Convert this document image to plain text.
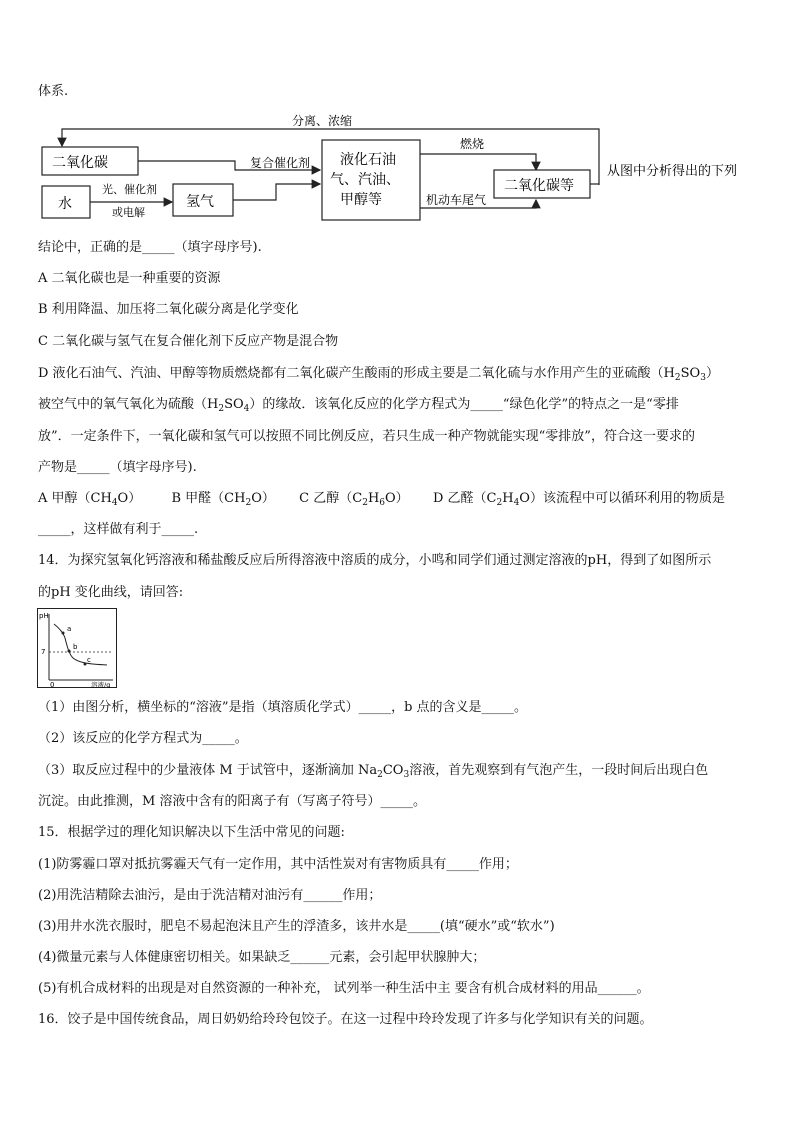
体系.
分离、浓缩
二氧化碳
水
光、催化剂
或电解
氢气
复合催化剂 液化石油
气、汽油、
甲醇等
燃烧
机动车尾气
二氧化碳等
从图中分析得出的下列
结论中，正确的是_____（填字母序号).
A 二氧化碳也是一种重要的资源
B 利用降温、加压将二氧化碳分离是化学变化
C 二氧化碳与氢气在复合催化剂下反应产物是混合物
D 液化石油气、汽油、甲醇等物质燃烧都有二氧化碳产生酸雨的形成主要是二氧化硫与水作用产生的亚硫酸$(H_2SO_3)$
被空气中的氧气氧化为硫酸$(H_2SO_4)$的缘故．该氧化反应的化学方程式为_____“绿色化学”的特点之一是“零排
放”．一定条件下，一氧化碳和氢气可以按照不同比例反应，若只生成一种产物就能实现“零排放”，符合这一要求的
产物是_____（填字母序号).
A 甲醇$(CH_4O)$ B 甲醛$(CH_2O)$ C 乙醇$(C_2H_6O)$ D 乙醛$(C_2H_4O)$该流程中可以循环利用的物质是
_____，这样做有利于_____.
14．为探究氢氧化钙溶液和稀盐酸反应后所得溶液中溶质的成分，小鸣和同学们通过测定溶液的pH，得到了如图所示
的pH 变化曲线，请回答:
pH
7
0	溶液/g
a
b
c
（1）由图分析，横坐标的“溶液”是指（填溶质化学式）_____，b 点的含义是_____。
（2）该反应的化学方程式为_____。
（3）取反应过程中的少量液体 M 于试管中，逐渐滴加 $Na_2CO_3$溶液，首先观察到有气泡产生，一段时间后出现白色
沉淀。由此推测，M 溶液中含有的阳离子有（写离子符号）_____。
15．根据学过的理化知识解决以下生活中常见的问题:
(1)防雾霾口罩对抵抗雾霾天气有一定作用，其中活性炭对有害物质具有_____作用；
(2)用洗洁精除去油污，是由于洗洁精对油污有______作用；
(3)用井水洗衣服时，肥皂不易起泡沫且产生的浮渣多，该井水是_____(填“硬水”或“软水”)
(4)微量元素与人体健康密切相关。如果缺乏______元素，会引起甲状腺肿大；
(5)有机合成材料的出现是对自然资源的一种补充， 试列举一种生活中主 要含有机合成材料的用品______。
16．饺子是中国传统食品，周日奶奶给玲玲包饺子。在这一过程中玲玲发现了许多与化学知识有关的问题。
